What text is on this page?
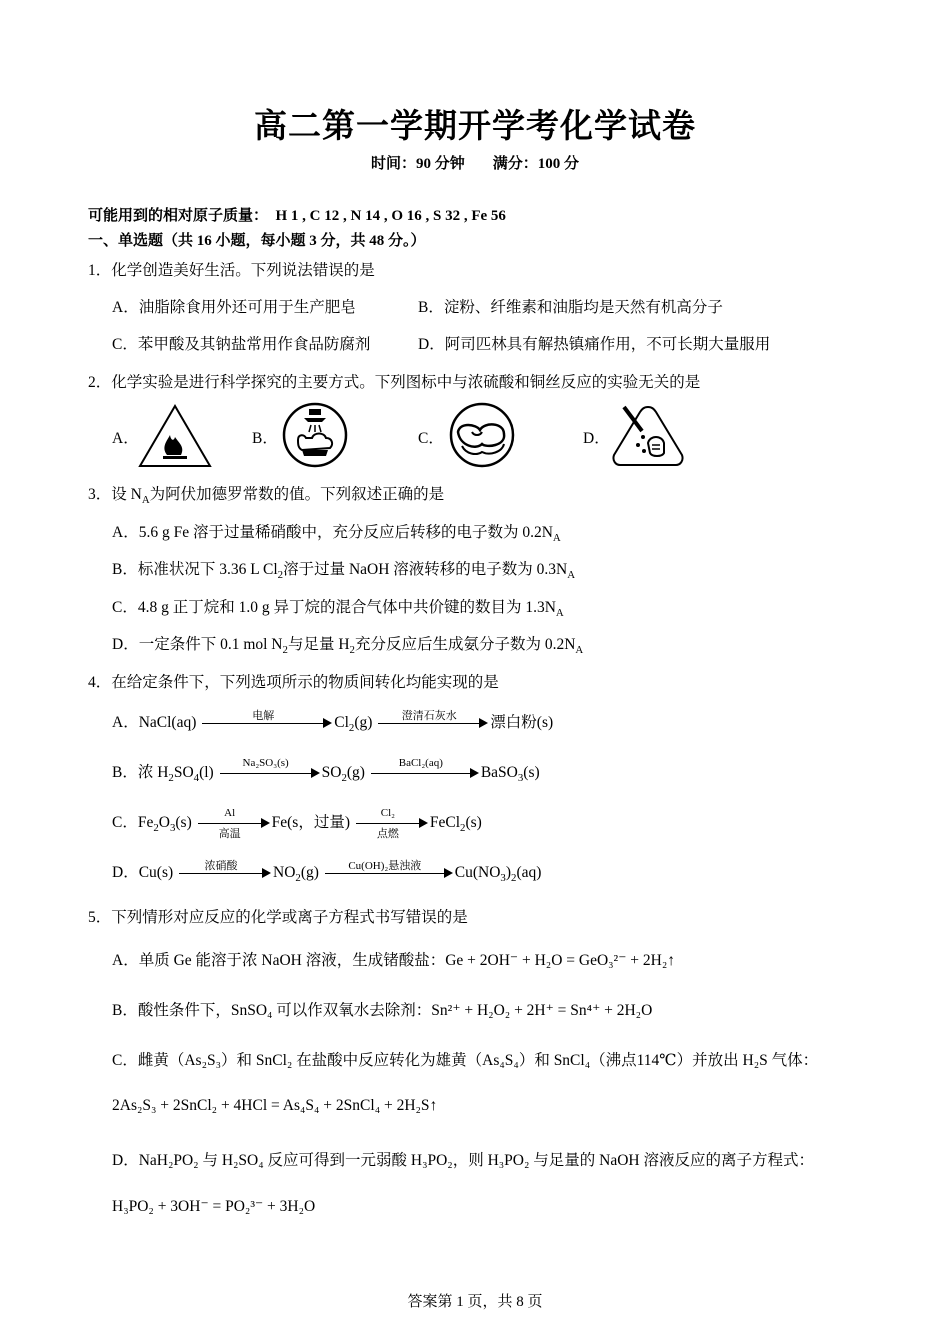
高二第一学期开学考化学试卷
时间：90 分钟 满分：100 分
可能用到的相对原子质量：　H 1 , C 12 , N 14 , O 16 , S 32 , Fe 56
一、单选题（共 16 小题，每小题 3 分，共 48 分。）
1．化学创造美好生活。下列说法错误的是
A．油脂除食用外还可用于生产肥皂	B．淀粉、纤维素和油脂均是天然有机高分子
C．苯甲酸及其钠盐常用作食品防腐剂	D．阿司匹林具有解热镇痛作用，不可长期大量服用
2．化学实验是进行科学探究的主要方式。下列图标中与浓硫酸和铜丝反应的实验无关的是
A．	B．	C．	D．
3．设 $N_A$为阿伏加德罗常数的值。下列叙述正确的是
A．5.6 g Fe 溶于过量稀硝酸中，充分反应后转移的电子数为 $0.2N_A$
B．标准状况下 3.36 L $Cl_2$溶于过量 NaOH 溶液转移的电子数为 $0.3N_A$
C．4.8 g 正丁烷和 1.0 g 异丁烷的混合气体中共价键的数目为 $1.3N_A$
D．一定条件下 0.1 mol $N_2$与足量 $H_2$充分反应后生成氨分子数为 $0.2N_A$
4．在给定条件下，下列选项所示的物质间转化均能实现的是
A．NaCl(aq)	电解	$Cl_2(g)$	澄清石灰水	漂白粉(s)
B．浓 $H_2SO_4(l)$
Na₂SO₃(s)
$SO_2(g)$
BaCl₂(aq)
BaSO$_3$(s)
C．$Fe_2O_3(s)$
Al
高温
Fe(s，过量)
Cl₂
点燃
FeCl$_2$(s)
D．Cu(s)	浓硝酸	$NO_2(g)$	Cu(OH)₂悬浊液	$Cu(NO_3)_2(aq)$
5．下列情形对应反应的化学或离子方程式书写错误的是
A．单质 Ge 能溶于浓 NaOH 溶液，生成锗酸盐：Ge + 2OH⁻ + H₂O = GeO₃²⁻ + 2H₂↑
B．酸性条件下，SnSO₄ 可以作双氧水去除剂：Sn²⁺ + H₂O₂ + 2H⁺ = Sn⁴⁺ + 2H₂O
C．雌黄（As₂S₃）和 SnCl₂ 在盐酸中反应转化为雄黄（As₄S₄）和 SnCl₄（沸点114℃）并放出 H₂S 气体：
2As₂S₃ + 2SnCl₂ + 4HCl = As₄S₄ + 2SnCl₄ + 2H₂S↑
D．NaH₂PO₂ 与 H₂SO₄ 反应可得到一元弱酸 H₃PO₂，则 H₃PO₂ 与足量的 NaOH 溶液反应的离子方程式：
H₃PO₂ + 3OH⁻ = PO₂³⁻ + 3H₂O
答案第 1 页，共 8 页
